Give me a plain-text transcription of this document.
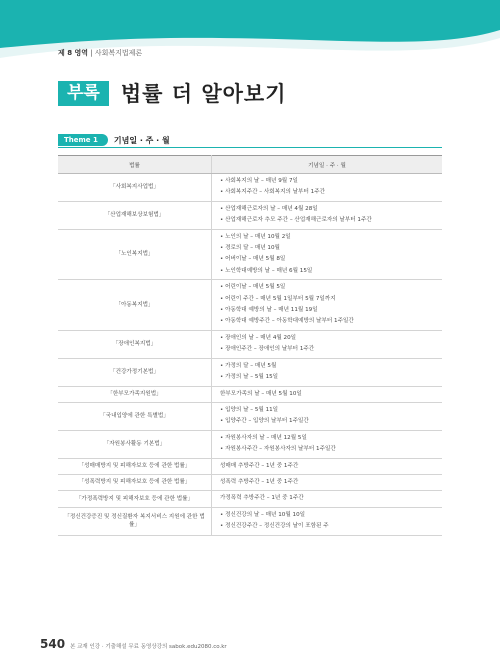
제 8 영역 | 사회복지법제론
부록	법률 더 알아보기
Theme 1	기념일 · 주 · 월
법률	기념일 · 주 · 월
「사회복지사업법」	• 사회복지의 날 – 매년 9월 7일
• 사회복지주간 – 사회복지의 날부터 1주간

「산업재해보상보험법」	• 산업재해근로자의 날 – 매년 4월 28일
• 산업재해근로자 추모 주간 – 산업재해근로자의 날부터 1주간

「노인복지법」	• 노인의 날 – 매년 10월 2일
• 경로의 달 – 매년 10월
• 어버이날 – 매년 5월 8일
• 노인학대예방의 날 – 매년 6월 15일

「아동복지법」	• 어린이날 – 매년 5월 5일
• 어린이 주간 – 매년 5월 1일부터 5월 7일까지
• 아동학대 예방의 날 – 매년 11월 19일
• 아동학대 예방주간 – 아동학대예방의 날부터 1주일간

「장애인복지법」	• 장애인의 날 – 매년 4월 20일
• 장애인주간 – 장애인의 날부터 1주간

「건강가정기본법」	• 가정의 달 – 매년 5월
• 가정의 날 – 5월 15일

「한부모가족지원법」	한부모가족의 날 – 매년 5월 10일

「국내입양에 관한 특별법」	• 입양의 날 – 5월 11일
• 입양주간 – 입양의 날부터 1주일간

「자원봉사활동 기본법」	• 자원봉사자의 날 – 매년 12월 5일
• 자원봉사주간 – 자원봉사자의 날부터 1주일간

「성매매방지 및 피해자보호 등에 관한 법률」	성매매 추방주간 – 1년 중 1주간

「성폭력방지 및 피해자보호 등에 관한 법률」	성폭력 추방주간 – 1년 중 1주간

「가정폭력방지 및 피해자보호 등에 관한 법률」	가정폭력 추방주간 – 1년 중 1주간

「정신건강증진 및 정신질환자 복지서비스 지원에 관한 법률」	• 정신건강의 날 – 매년 10월 10일
• 정신건강주간 – 정신건강의 날이 포함된 주
540 본 교재 인강 · 기출해설 무료 동영상강의 sabok.edu2080.co.kr
